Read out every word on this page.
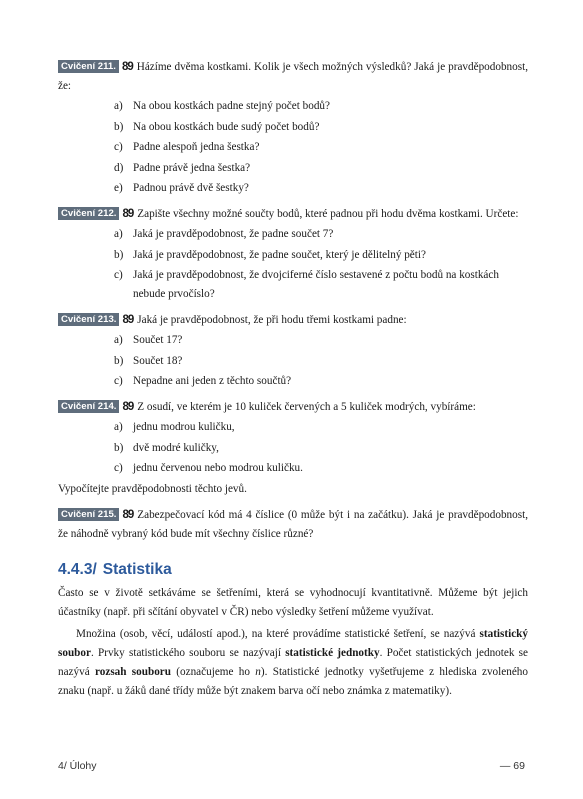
Cvičení 211. 89 Házíme dvěma kostkami. Kolik je všech možných výsledků? Jaká je pravděpodobnost, že:
a) Na obou kostkách padne stejný počet bodů?
b) Na obou kostkách bude sudý počet bodů?
c) Padne alespoň jedna šestka?
d) Padne právě jedna šestka?
e) Padnou právě dvě šestky?
Cvičení 212. 89 Zapište všechny možné součty bodů, které padnou při hodu dvěma kostkami. Určete:
a) Jaká je pravděpodobnost, že padne součet 7?
b) Jaká je pravděpodobnost, že padne součet, který je dělitelný pěti?
c) Jaká je pravděpodobnost, že dvojciferné číslo sestavené z počtu bodů na kostkách nebude prvočíslo?
Cvičení 213. 89 Jaká je pravděpodobnost, že při hodu třemi kostkami padne:
a) Součet 17?
b) Součet 18?
c) Nepadne ani jeden z těchto součtů?
Cvičení 214. 89 Z osudí, ve kterém je 10 kuliček červených a 5 kuliček modrých, vybíráme:
a) jednu modrou kuličku,
b) dvě modré kuličky,
c) jednu červenou nebo modrou kuličku.
Vypočítejte pravděpodobnosti těchto jevů.
Cvičení 215. 89 Zabezpečovací kód má 4 číslice (0 může být i na začátku). Jaká je pravděpodobnost, že náhodně vybraný kód bude mít všechny číslice různé?
4.4.3/ Statistika

Často se v životě setkáváme se šetřeními, která se vyhodnocují kvantitativně. Můžeme být jejich účastníky (např. při sčítání obyvatel v ČR) nebo výsledky šetření můžeme využívat.

Množina (osob, věcí, událostí apod.), na které provádíme statistické šetření, se nazývá statistický soubor. Prvky statistického souboru se nazývají statistické jednotky. Počet statistických jednotek se nazývá rozsah souboru (označujeme ho n). Statistické jednotky vyšetřujeme z hlediska zvoleného znaku (např. u žáků dané třídy může být znakem barva očí nebo známka z matematiky).

4/ Úlohy	— 69
